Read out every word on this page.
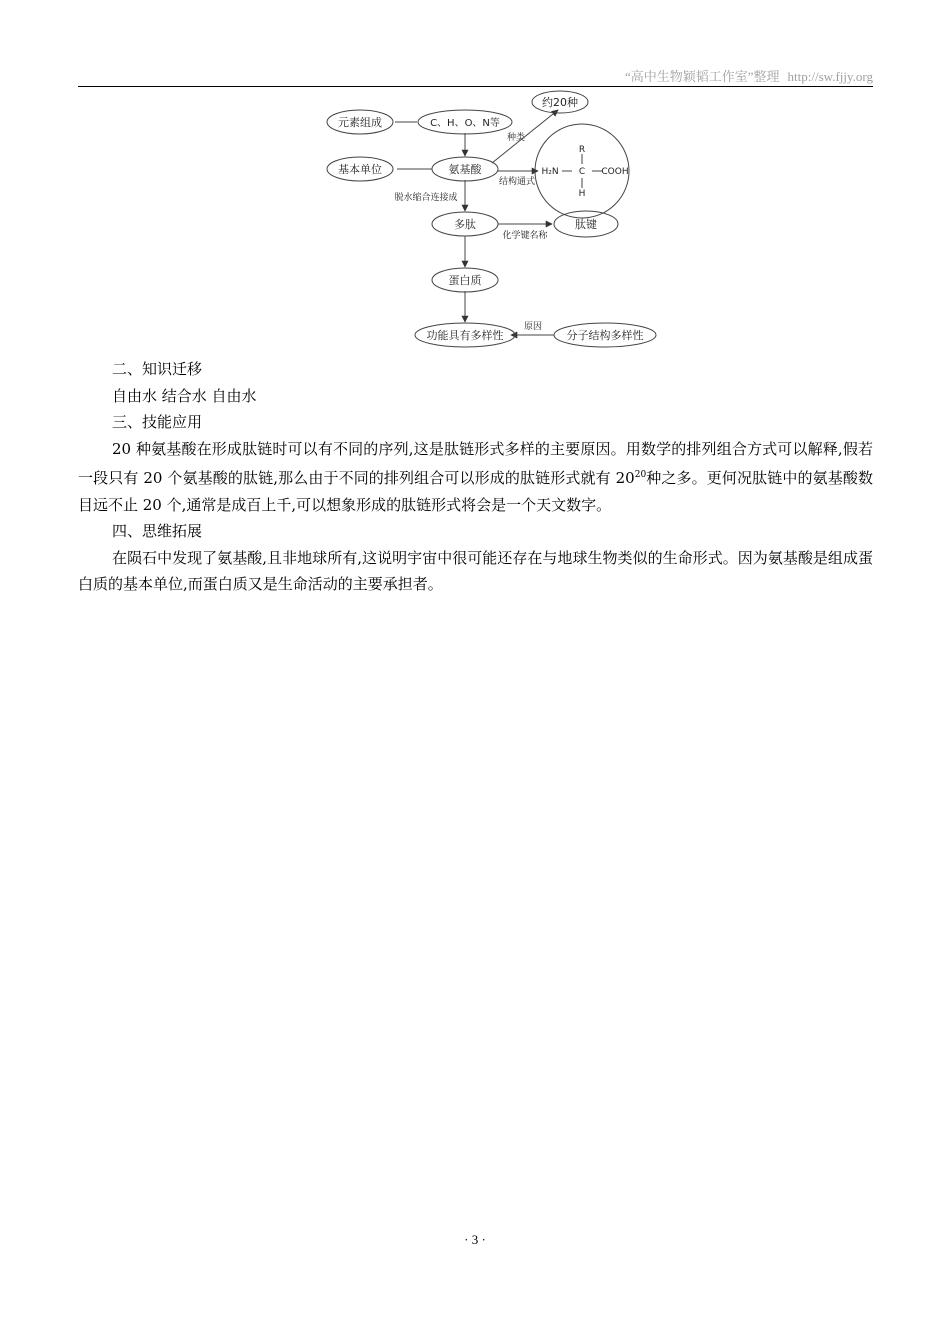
“高中生物颖韬工作室”整理 http://sw.fjjy.org
元素组成	C、H、O、N等
约20种
基本单位	氨基酸
多肽	肽键
蛋白质
功能具有多样性	分子结构多样性
种类
结构通式
脱水缩合连接成
化学键名称
原因
R
H
H₂N C COOH

二、知识迁移

自由水 结合水 自由水

三、技能应用

20 种氨基酸在形成肽链时可以有不同的序列,这是肽链形式多样的主要原因。用数学的排列组合方式可以解释,假若一段只有 20 个氨基酸的肽链,那么由于不同的排列组合可以形成的肽链形式就有 $20^{20}$种之多。更何况肽链中的氨基酸数目远不止 20 个,通常是成百上千,可以想象形成的肽链形式将会是一个天文数字。

四、思维拓展

在陨石中发现了氨基酸,且非地球所有,这说明宇宙中很可能还存在与地球生物类似的生命形式。因为氨基酸是组成蛋白质的基本单位,而蛋白质又是生命活动的主要承担者。

· 3 ·
